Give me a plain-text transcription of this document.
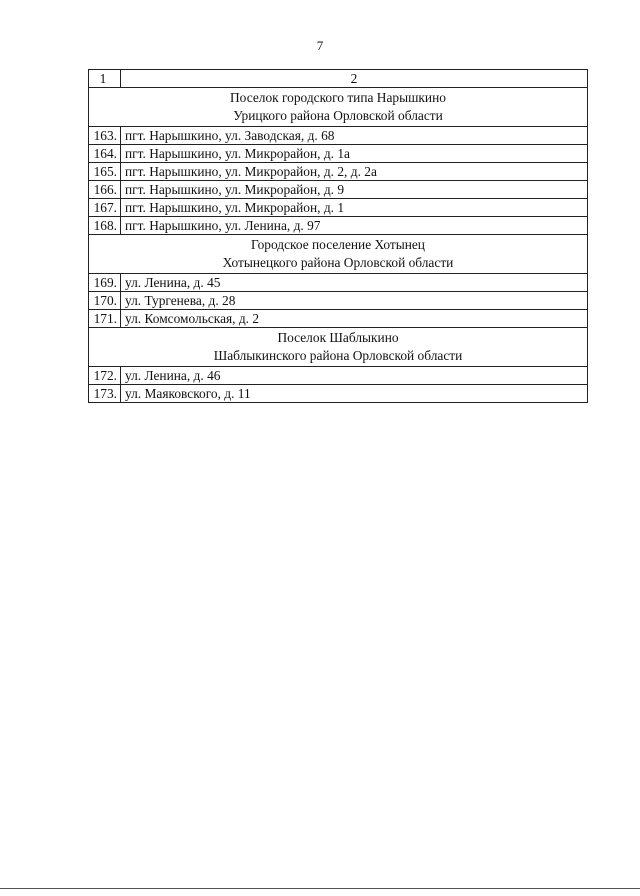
7
1	2

Поселок городского типа Нарышкино
Урицкого района Орловской области	

163.	пгт. Нарышкино, ул. Заводская, д. 68
164.	пгт. Нарышкино, ул. Микрорайон, д. 1а
165.	пгт. Нарышкино, ул. Микрорайон, д. 2, д. 2а
166.	пгт. Нарышкино, ул. Микрорайон, д. 9
167.	пгт. Нарышкино, ул. Микрорайон, д. 1
168.	пгт. Нарышкино, ул. Ленина, д. 97

Городское поселение Хотынец
Хотынецкого района Орловской области	

169.	ул. Ленина, д. 45
170.	ул. Тургенева, д. 28
171.	ул. Комсомольская, д. 2

Поселок Шаблыкино
Шаблыкинского района Орловской области	

172.	ул. Ленина, д. 46
173.	ул. Маяковского, д. 11
